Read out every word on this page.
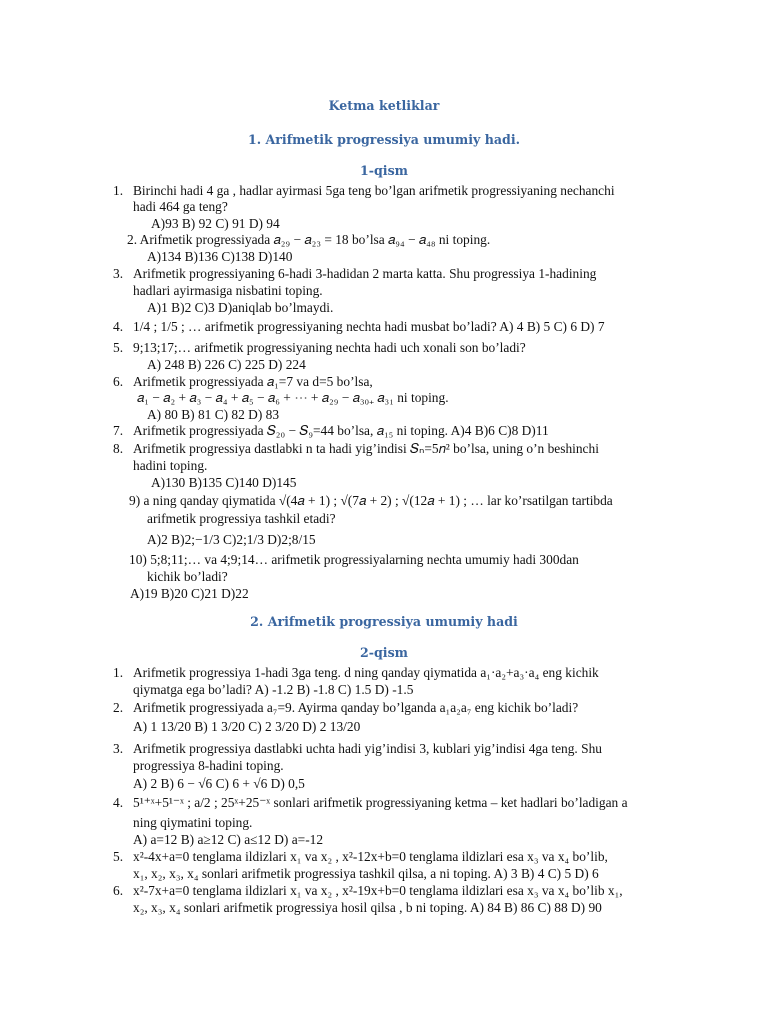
Ketma ketliklar
1. Arifmetik progressiya umumiy hadi.
1-qism
1.
3.
4.
5.
6.
7.
8.
Birinchi hadi 4 ga , hadlar ayirmasi 5ga teng bo’lgan arifmetik progressiyaning nechanchi
hadi 464 ga teng?
A)93 B) 92 C) 91 D) 94
2. Arifmetik progressiyada 𝑎₂₉ − 𝑎₂₃ = 18 bo’lsa 𝑎₉₄ − 𝑎₄₈ ni toping.
A)134 B)136 C)138 D)140
Arifmetik progressiyaning 6-hadi 3-hadidan 2 marta katta. Shu progressiya 1-hadining
hadlari ayirmasiga nisbatini toping.
A)1 B)2 C)3 D)aniqlab bo’lmaydi.
1/4 ; 1/5 ; … arifmetik progressiyaning nechta hadi musbat bo’ladi? A) 4 B) 5 C) 6 D) 7
9;13;17;… arifmetik progressiyaning nechta hadi uch xonali son bo’ladi?
A) 248 B) 226 C) 225 D) 224
Arifmetik progressiyada 𝑎₁=7 va d=5 bo’lsa,
𝑎₁ − 𝑎₂ + 𝑎₃ − 𝑎₄ + 𝑎₅ − 𝑎₆ + ⋯ + 𝑎₂₉ − 𝑎₃₀₊ 𝑎₃₁ ni toping.
A) 80 B) 81 C) 82 D) 83
Arifmetik progressiyada 𝑆₂₀ − 𝑆₉=44 bo’lsa, 𝑎₁₅ ni toping. A)4 B)6 C)8 D)11
Arifmetik progressiya dastlabki n ta hadi yig’indisi 𝑆ₙ=5𝑛² bo’lsa, uning o’n beshinchi
hadini toping.
A)130 B)135 C)140 D)145
9) a ning qanday qiymatida √(4𝑎 + 1) ; √(7𝑎 + 2) ; √(12𝑎 + 1) ; … lar ko’rsatilgan tartibda
arifmetik progressiya tashkil etadi?
A)2 B)2;−1/3 C)2;1/3 D)2;8/15
10) 5;8;11;… va 4;9;14… arifmetik progressiyalarning nechta umumiy hadi 300dan
kichik bo’ladi?
A)19 B)20 C)21 D)22
2. Arifmetik progressiya umumiy hadi
2-qism
1.
2.
3.
4.
5.
6.
Arifmetik progressiya 1-hadi 3ga teng. d ning qanday qiymatida a₁·a₂+a₃·a₄ eng kichik
qiymatga ega bo’ladi? A) -1.2 B) -1.8 C) 1.5 D) -1.5
Arifmetik progressiyada a₇=9. Ayirma qanday bo’lganda a₁a₂a₇ eng kichik bo’ladi?
A) 1 13/20 B) 1 3/20 C) 2 3/20 D) 2 13/20
Arifmetik progressiya dastlabki uchta hadi yig’indisi 3, kublari yig’indisi 4ga teng. Shu
progressiya 8-hadini toping.
A) 2 B) 6 − √6 C) 6 + √6 D) 0,5
5¹⁺ˣ+5¹⁻ˣ ; a/2 ; 25ˣ+25⁻ˣ sonlari arifmetik progressiyaning ketma – ket hadlari bo’ladigan a
ning qiymatini toping.
A) a=12 B) a≥12 C) a≤12 D) a=-12
x²-4x+a=0 tenglama ildizlari x₁ va x₂ , x²-12x+b=0 tenglama ildizlari esa x₃ va x₄ bo’lib,
x₁, x₂, x₃, x₄ sonlari arifmetik progressiya tashkil qilsa, a ni toping. A) 3 B) 4 C) 5 D) 6
x²-7x+a=0 tenglama ildizlari x₁ va x₂ , x²-19x+b=0 tenglama ildizlari esa x₃ va x₄ bo’lib x₁,
x₂, x₃, x₄ sonlari arifmetik progressiya hosil qilsa , b ni toping. A) 84 B) 86 C) 88 D) 90
